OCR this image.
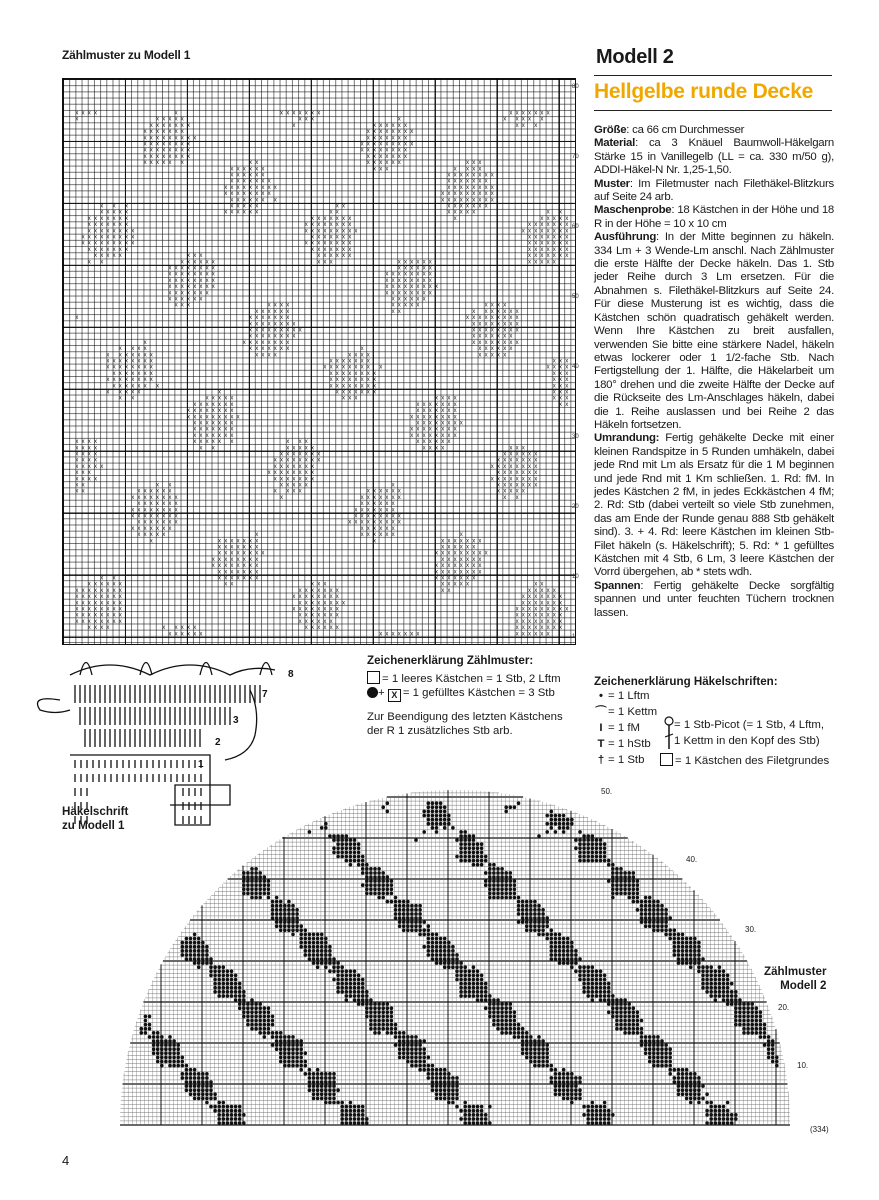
Zählmuster zu Modell 1
x x x x	x	x x x x x x x	x x x x x x x
x	x x x x x	x x x	x	x x x x x
x x x x x x x	x	x x x x x x	x x x
x x x x x x x	x x x x x x x x
x x x x x x x x x	x x x x x x x
x x x x x x x x	x x x x x x x x x
x x x x x x x x	x x x x x x x x
x x x x x x x x	x x x x x x x
x x x x x x	x x	x x x x x x	x x x
x x x x x x	x x x	x x x x
x x x x x x	x x x x x x x x
x x x x x x x	x x x x x x x
x x x x x x x x x	x x x x x x x x
x x x x x x x x	x x x x x x x x x
x x x x x x x	x x x x x x x x x
x x x	x x x x x	x x	x x x x x x x
x x x x x	x x x x x x	x x	x x x x x	x x
x x x x x x x	x x x x x x x	x	x x x x x
x x x x x x x	x x x x x x x x	x x x x x x x
x x x x x x x x	x x x x x x x x x	x x x x x x x x
x x x x x x x x x	x x x x x x x	x x x x x x x
x x x x x x x x x	x x x x x x x x	x x x x x x x
x x x x x x x	x x x x x x x	x x x x x x x
x x x x x	x x x	x x x x x x	x x x x x x x
x x	x x x x x x	x x x	x x x x x x	x x x x x
x x x x x x x x	x x x x x x
x x x x x x x x	x x x x x x x x
x x x x x x x x	x x x x x x x x
x x x x x x x x	x x x x x x x x x
x x x x x x x	x x x x x x x x
x x x x x x	x x x x x x
x x x	x x x x	x x x x x	x x x x
x x x x x x	x x	x x x x x x x
x	x x x x x x x	x x x x x x x x x
x x x x x x x x	x x x x x x x x
x x x x x x x x x	x x x x x x x x
x x x x x x x x	x x x x x x x
x	x x x x x x x x	x x x x x x x x
x x x x	x x x x x x x	x	x x x x x x
x x x x x x x	x x x x	x x x x	x x x x x
x x x x x x x x	x x x x x x x	x x x
x x x x x x x x	x x x x x x x x x	x x x x
x x x x x x x	x x x x x x x x	x x x
x x x x x x x x	x x x x x x x x	x x x
x x x x x x x	x x x x x x x x	x x x
x x x x x	x	x x x x x x x	x x x
x x	x x x x x	x x x	x x x x	x x x
x x x x x x x	x x x x x x x	x x
x x x x x x x x	x x x x x x x
x x x x x x x x x	x x x x x x x x
x x x x x x x	x x x x x x x x
x x x x x x x	x x x x x x x x
x x x x x x x	x x x x x x x x
x x x x	x x x x x x	x x x	x x x x x x
x x x x	x x	x x x x x	x x x x	x x x
x x x x	x x x x x x x	x x x x x x
x x x x	x x x x x x x x	x x x x x x x
x x x x x	x x x x x x x	x x x x x x x x
x x x	x x x x x x x x	x x x x x x x
x x x x	x x x x x x x	x x x x x x x x
x x	x x	x x x x x	x	x x x x x x x
x x	x x x x x x	x x x x	x x x x x x	x x x x x
x x x x x x x x	x	x x x x x x x	x x
x x x x x x x	x x x x x x
x x x x x x x x	x x x x x x x
x x x x x x x x	x x x x x x x x
x x x x x x x	x x x x x x x x x
x x x x x x x	x x x x x x
x x x x x	x	x x x x x x	x
x	x x x x x x x	x	x x x x x x x
x x x x x x x	x x x x x x
x x x x x x x x	x x x x x x x x x
x x x x x x x x	x x x x x x x
x x x x x x x x	x x x x x x x x
x x x x x x x	x x x x x x x x
x x	x x x x x x x	x x x x x x x
x x x x x x	x x	x x x	x x x x x	x x
x x x x x x x x	x x x x x x x	x x	x x x x x
x x x x x x x x	x x x x x x x x	x x x x x x x
x x x x x x x x	x x x x x x x x	x x x x x x x
x x x x x x x x	x x x x x x x x	x x x x x x x x x
x x x x x x x x	x x x x x x x	x x x x x x x x
x x x x x x x x	x x x x x x	x x x x x x x x
x x x x	x x x x x	x x x x x x	x x x x x x x x
x x x x x x	x x x x x x x	x x x x x x
80
70
60
50
40
30
20
10
1
Modell 2
Hellgelbe runde Decke

Größe: ca 66 cm Durchmesser

Material: ca 3 Knäuel Baumwoll-Häkelgarn Stärke 15 in Vanillegelb (LL = ca. 330 m/50 g), ADDI-Häkel-N Nr. 1,25-1,50.

Muster: Im Filetmuster nach Filethäkel-Blitzkurs auf Seite 24 arb.

Maschenprobe: 18 Kästchen in der Höhe und 18 R in der Höhe = 10 x 10 cm

Ausführung: In der Mitte beginnen zu häkeln. 334 Lm + 3 Wende-Lm anschl. Nach Zählmuster die erste Hälfte der Decke häkeln. Das 1. Stb jeder Reihe durch 3 Lm ersetzen. Für die Abnahmen s. Filethäkel-Blitzkurs auf Seite 24. Für diese Musterung ist es wichtig, dass die Kästchen schön quadratisch gehäkelt werden. Wenn Ihre Kästchen zu breit ausfallen, verwenden Sie bitte eine stärkere Nadel, häkeln etwas lockerer oder 1 1/2-fache Stb. Nach Fertigstellung der 1. Hälfte, die Häkelarbeit um 180° drehen und die zweite Hälfte der Decke auf die Rückseite des Lm-Anschlages häkeln, dabei die 1. Reihe auslassen und bei Reihe 2 das Häkeln fortsetzen.

Umrandung: Fertig gehäkelte Decke mit einer kleinen Randspitze in 5 Runden umhäkeln, dabei jede Rnd mit Lm als Ersatz für die 1 M beginnen und jede Rnd mit 1 Km schließen. 1. Rd: fM. In jedes Kästchen 2 fM, in jedes Eckkästchen 4 fM; 2. Rd: Stb (dabei verteilt so viele Stb zunehmen, das am Ende der Runde genau 888 Stb gehäkelt sind). 3. + 4. Rd: leere Kästchen im kleinen Stb-Filet häkeln (s. Häkelschrift); 5. Rd: * 1 gefülltes Kästchen mit 4 Stb, 6 Lm, 3 leere Kästchen der Vorrd übergehen, ab * stets wdh.

Spannen: Fertig gehäkelte Decke sorgfältig spannen und unter feuchten Tüchern trocknen lassen.

Zeichenerklärung Zählmuster:
= 1 leeres Kästchen = 1 Stb, 2 Lftm
+ X = 1 gefülltes Kästchen = 3 Stb
Zur Beendigung des letzten Kästchens der R 1 zusätzliches Stb arb.
Zeichenerklärung Häkelschriften:
• = 1 Lftm
⌒= 1 Kettm
I = 1 fM
T = 1 hStb
† = 1 Stb
= 1 Stb-Picot (= 1 Stb, 4 Lftm,
1 Kettm in den Kopf des Stb)
= 1 Kästchen des Filetgrundes
8
7
3
2
1
Häkelschrift
zu Modell 1
50.
40.
30.
20.
10.
(334)
Zählmuster
Modell 2
4
